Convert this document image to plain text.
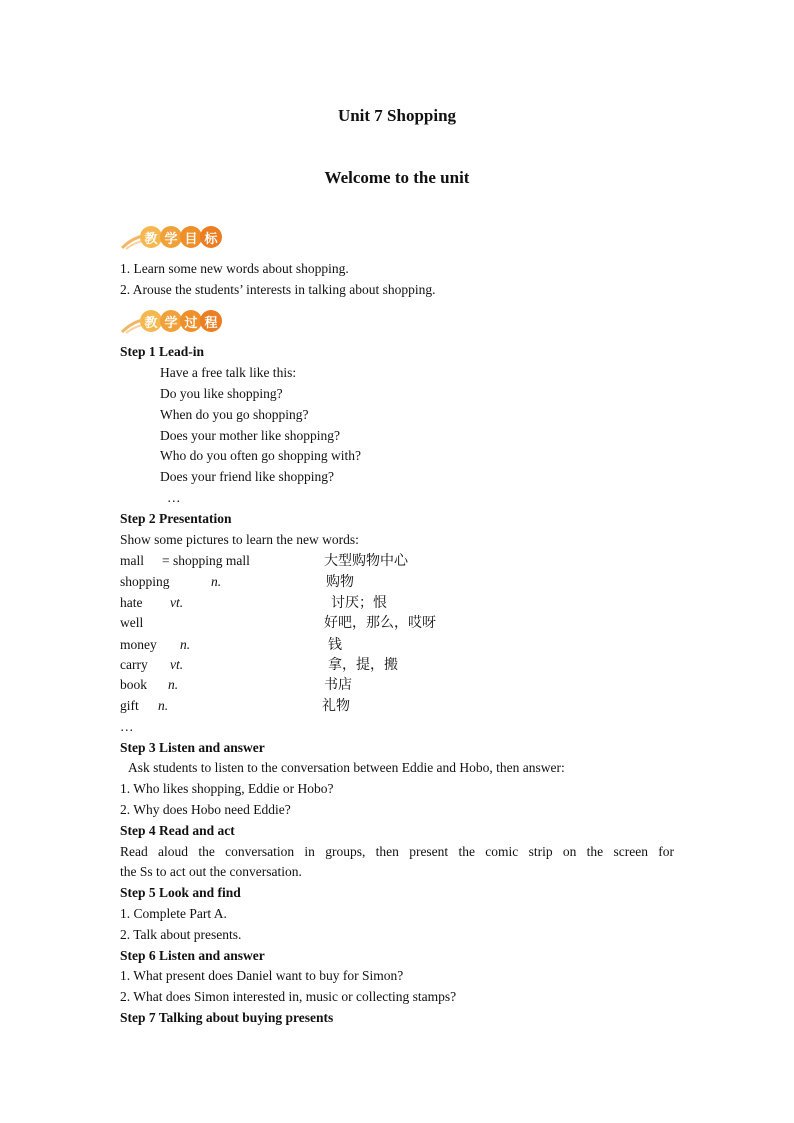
Unit 7 Shopping
Welcome to the unit
教 学 目 标
1. Learn some new words about shopping.
2. Arouse the students’ interests in talking about shopping.
教 学 过 程
Step 1 Lead-in
Have a free talk like this:
Do you like shopping?
When do you go shopping?
Does your mother like shopping?
Who do you often go shopping with?
Does your friend like shopping?
…
Step 2 Presentation
Show some pictures to learn the new words:
mall = shopping mall	大型购物中心
shopping	n.	购物
hate vt.	讨厌；恨
well	好吧，那么，哎呀
money n.	钱
carry vt.	拿，提，搬
book n.	书店
gift n.	礼物
…
Step 3 Listen and answer
Ask students to listen to the conversation between Eddie and Hobo, then answer:
1. Who likes shopping, Eddie or Hobo?
2. Why does Hobo need Eddie?
Step 4 Read and act
Read aloud the conversation in groups, then present the comic strip on the screen for
the Ss to act out the conversation.
Step 5 Look and find
1. Complete Part A.
2. Talk about presents.
Step 6 Listen and answer
1. What present does Daniel want to buy for Simon?
2. What does Simon interested in, music or collecting stamps?
Step 7 Talking about buying presents
